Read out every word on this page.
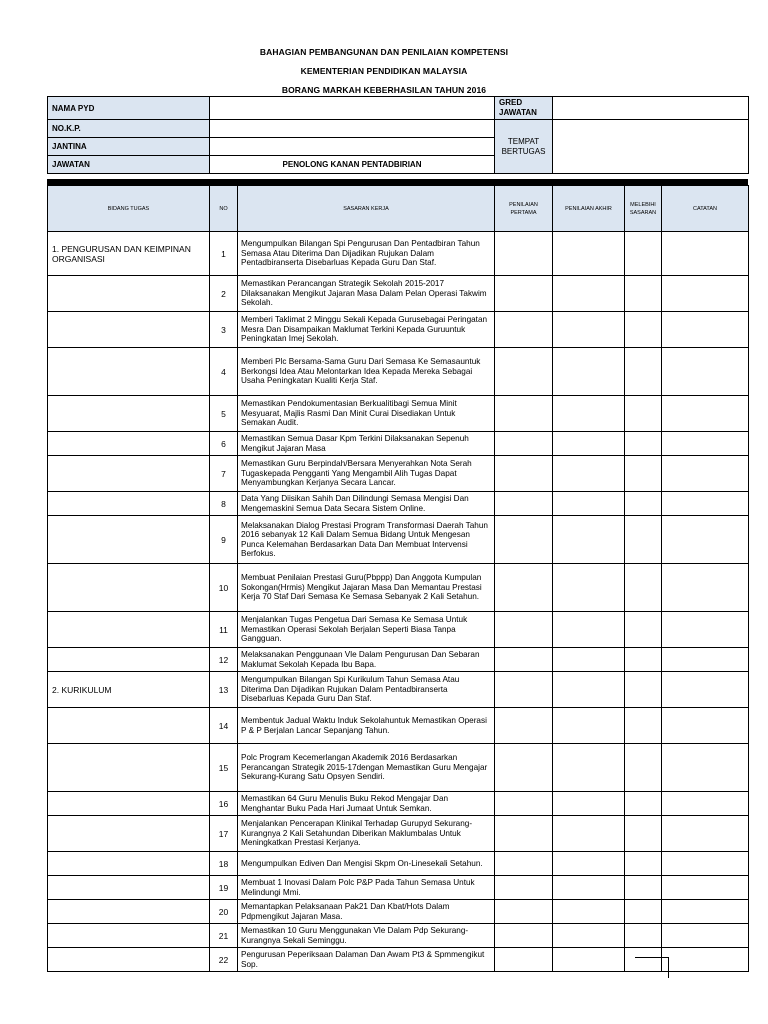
BAHAGIAN PEMBANGUNAN DAN PENILAIAN KOMPETENSI
KEMENTERIAN PENDIDIKAN MALAYSIA
BORANG MARKAH KEBERHASILAN TAHUN 2016
NAMA PYD		GRED JAWATAN	
NO.K.P.		TEMPAT BERTUGAS	
JANTINA			
JAWATAN	PENOLONG KANAN PENTADBIRIAN		
BIDANG TUGAS	NO	SASARAN KERJA	PENILAIAN PERTAMA	PENILAIAN AKHIR	MELEBIHI SASARAN	CATATAN
1. PENGURUSAN DAN KEIMPINAN ORGANISASI	1	Mengumpulkan Bilangan Spi Pengurusan Dan Pentadbiran Tahun Semasa Atau Diterima Dan Dijadikan Rujukan Dalam Pentadbiranserta Disebarluas Kepada Guru Dan Staf.				
	2	Memastikan Perancangan Strategik Sekolah 2015-2017 Dilaksanakan Mengikut Jajaran Masa Dalam Pelan Operasi Takwim Sekolah.				
	3	Memberi Taklimat 2 Minggu Sekali Kepada Gurusebagai Peringatan Mesra Dan Disampaikan Maklumat Terkini Kepada Guruuntuk Peningkatan Imej Sekolah.				
	4	Memberi Plc Bersama-Sama Guru Dari Semasa Ke Semasauntuk Berkongsi Idea Atau Melontarkan Idea Kepada Mereka Sebagai Usaha Peningkatan Kualiti Kerja Staf.				
	5	Memastikan Pendokumentasian Berkualitibagi Semua Minit Mesyuarat, Majlis Rasmi Dan Minit Curai Disediakan Untuk Semakan Audit.				
	6	Memastikan Semua Dasar Kpm Terkini Dilaksanakan Sepenuh Mengikut Jajaran Masa				
	7	Memastikan Guru Berpindah/Bersara Menyerahkan Nota Serah Tugaskepada Pengganti Yang Mengambil Alih Tugas Dapat Menyambungkan Kerjanya Secara Lancar.				
	8	Data Yang Diisikan Sahih Dan Dilindungi Semasa Mengisi Dan Mengemaskini Semua Data Secara Sistem Online.				
	9	Melaksanakan Dialog Prestasi Program Transformasi Daerah Tahun 2016 sebanyak 12 Kali Dalam Semua Bidang Untuk Mengesan Punca Kelemahan Berdasarkan Data Dan Membuat Intervensi Berfokus.				
	10	Membuat Penilaian Prestasi Guru(Pbppp) Dan Anggota Kumpulan Sokongan(Hrmis) Mengikut Jajaran Masa Dan Memantau Prestasi Kerja 70 Staf Dari Semasa Ke Semasa Sebanyak 2 Kali Setahun.				
	11	Menjalankan Tugas Pengetua Dari Semasa Ke Semasa Untuk Memastikan Operasi Sekolah Berjalan Seperti Biasa Tanpa Gangguan.				
	12	Melaksanakan Penggunaan Vle Dalam Pengurusan Dan Sebaran Maklumat Sekolah Kepada Ibu Bapa.				
2. KURIKULUM	13	Mengumpulkan Bilangan Spi Kurikulum Tahun Semasa Atau Diterima Dan Dijadikan Rujukan Dalam Pentadbiranserta Disebarluas Kepada Guru Dan Staf.				
	14	Membentuk Jadual Waktu Induk Sekolahuntuk Memastikan Operasi P & P Berjalan Lancar Sepanjang Tahun.				
	15	Polc Program Kecemerlangan Akademik 2016 Berdasarkan Perancangan Strategik 2015-17dengan Memastikan Guru Mengajar Sekurang-Kurang Satu Opsyen Sendiri.				
	16	Memastikan 64 Guru Menulis Buku Rekod Mengajar Dan Menghantar Buku Pada Hari Jumaat Untuk Semkan.				
	17	Menjalankan Pencerapan Klinikal Terhadap Gurupyd Sekurang-Kurangnya 2 Kali Setahundan Diberikan Maklumbalas Untuk Meningkatkan Prestasi Kerjanya.				
	18	Mengumpulkan Ediven Dan Mengisi Skpm On-Linesekali Setahun.				
	19	Membuat 1 Inovasi Dalam Polc P&P Pada Tahun Semasa Untuk Melindungi Mmi.				
	20	Memantapkan Pelaksanaan Pak21 Dan Kbat/Hots Dalam Pdpmengikut Jajaran Masa.				
	21	Memastikan 10 Guru Menggunakan Vle Dalam Pdp Sekurang-Kurangnya Sekali Seminggu.				
	22	Pengurusan Peperiksaan Dalaman Dan Awam Pt3 & Spmmengikut Sop.				
